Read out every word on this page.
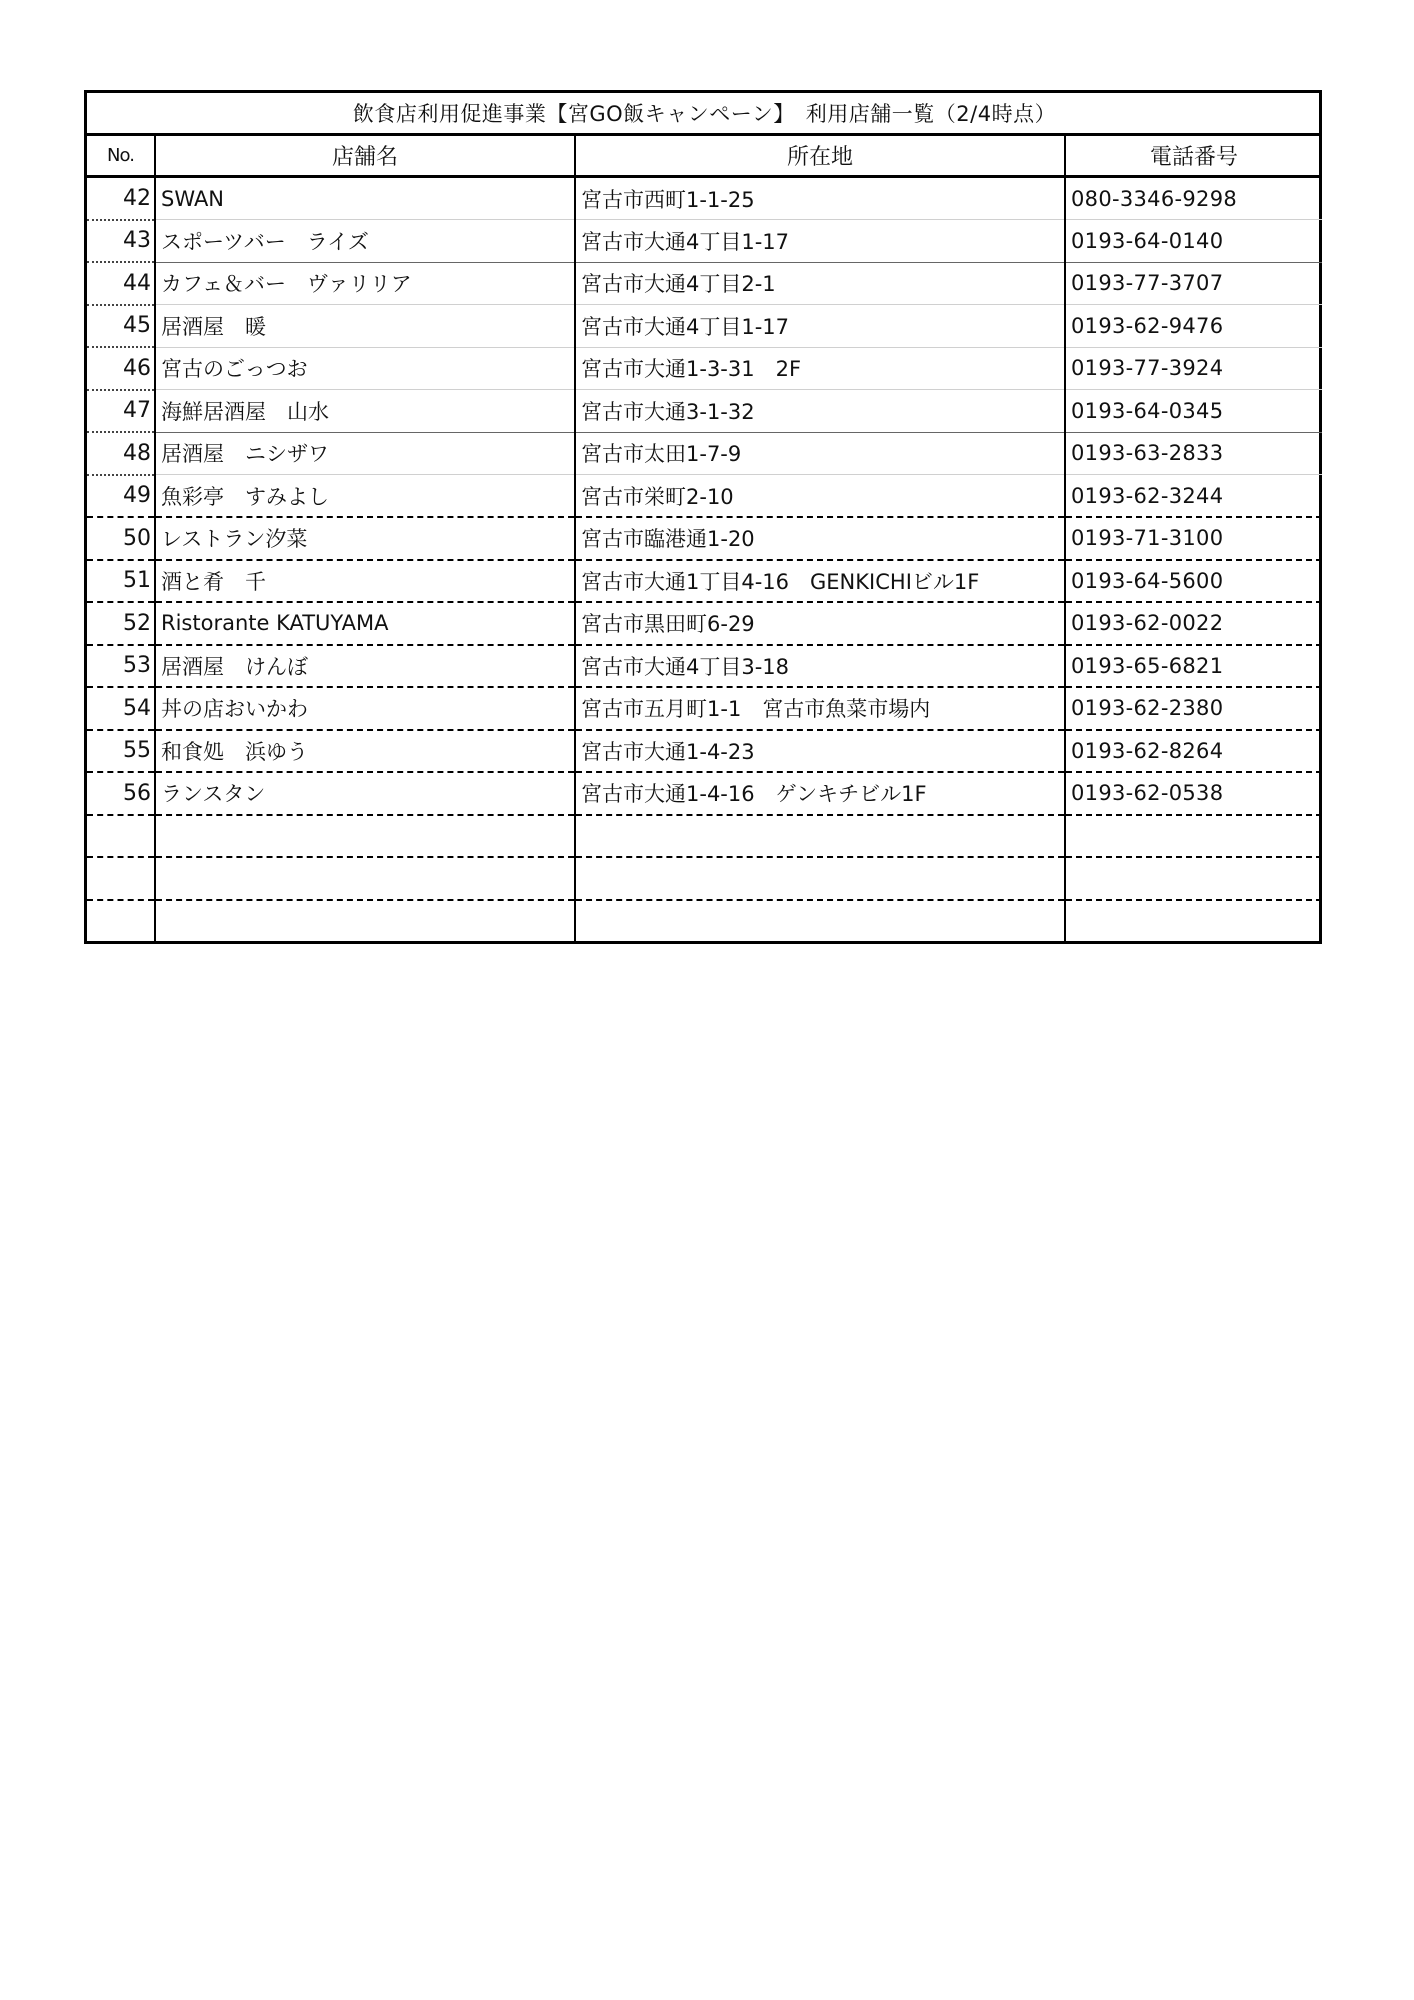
飲食店利用促進事業【宮GO飯キャンペーン】　利用店舗一覧（2/4時点）			
No.	店舗名	所在地	電話番号
42	SWAN	宮古市西町1-1-25	080-3346-9298
43	スポーツバー　ライズ	宮古市大通4丁目1-17	0193-64-0140
44	カフェ＆バー　ヴァリリア	宮古市大通4丁目2-1	0193-77-3707
45	居酒屋　暖	宮古市大通4丁目1-17	0193-62-9476
46	宮古のごっつお	宮古市大通1-3-31　2F	0193-77-3924
47	海鮮居酒屋　山水	宮古市大通3-1-32	0193-64-0345
48	居酒屋　ニシザワ	宮古市太田1-7-9	0193-63-2833
49	魚彩亭　すみよし	宮古市栄町2-10	0193-62-3244
50	レストラン汐菜	宮古市臨港通1-20	0193-71-3100
51	酒と肴　千	宮古市大通1丁目4-16　GENKICHIビル1F	0193-64-5600
52	Ristorante KATUYAMA	宮古市黒田町6-29	0193-62-0022
53	居酒屋　けんぼ	宮古市大通4丁目3-18	0193-65-6821
54	丼の店おいかわ	宮古市五月町1-1　宮古市魚菜市場内	0193-62-2380
55	和食処　浜ゆう	宮古市大通1-4-23	0193-62-8264
56	ランスタン	宮古市大通1-4-16　ゲンキチビル1F	0193-62-0538
